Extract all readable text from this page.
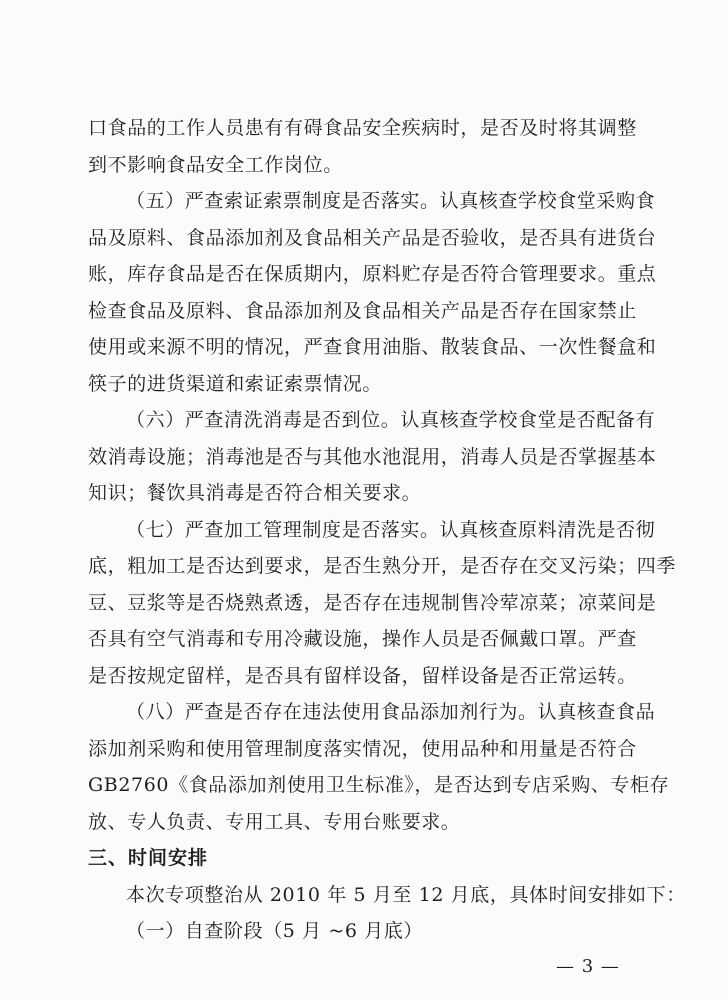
口食品的工作人员患有有碍食品安全疾病时，是否及时将其调整
到不影响食品安全工作岗位。
（五）严查索证索票制度是否落实。认真核查学校食堂采购食
品及原料、食品添加剂及食品相关产品是否验收，是否具有进货台
账，库存食品是否在保质期内，原料贮存是否符合管理要求。重点
检查食品及原料、食品添加剂及食品相关产品是否存在国家禁止
使用或来源不明的情况，严查食用油脂、散装食品、一次性餐盒和
筷子的进货渠道和索证索票情况。
（六）严查清洗消毒是否到位。认真核查学校食堂是否配备有
效消毒设施；消毒池是否与其他水池混用，消毒人员是否掌握基本
知识；餐饮具消毒是否符合相关要求。
（七）严查加工管理制度是否落实。认真核查原料清洗是否彻
底，粗加工是否达到要求，是否生熟分开，是否存在交叉污染；四季
豆、豆浆等是否烧熟煮透，是否存在违规制售冷荤凉菜；凉菜间是
否具有空气消毒和专用冷藏设施，操作人员是否佩戴口罩。严查
是否按规定留样，是否具有留样设备，留样设备是否正常运转。
（八）严查是否存在违法使用食品添加剂行为。认真核查食品
添加剂采购和使用管理制度落实情况，使用品种和用量是否符合
GB2760《食品添加剂使用卫生标准》，是否达到专店采购、专柜存
放、专人负责、专用工具、专用台账要求。
三、时间安排
本次专项整治从 2010 年 5 月至 12 月底，具体时间安排如下：
（一）自查阶段（5 月 ~6 月底）
— 3 —
